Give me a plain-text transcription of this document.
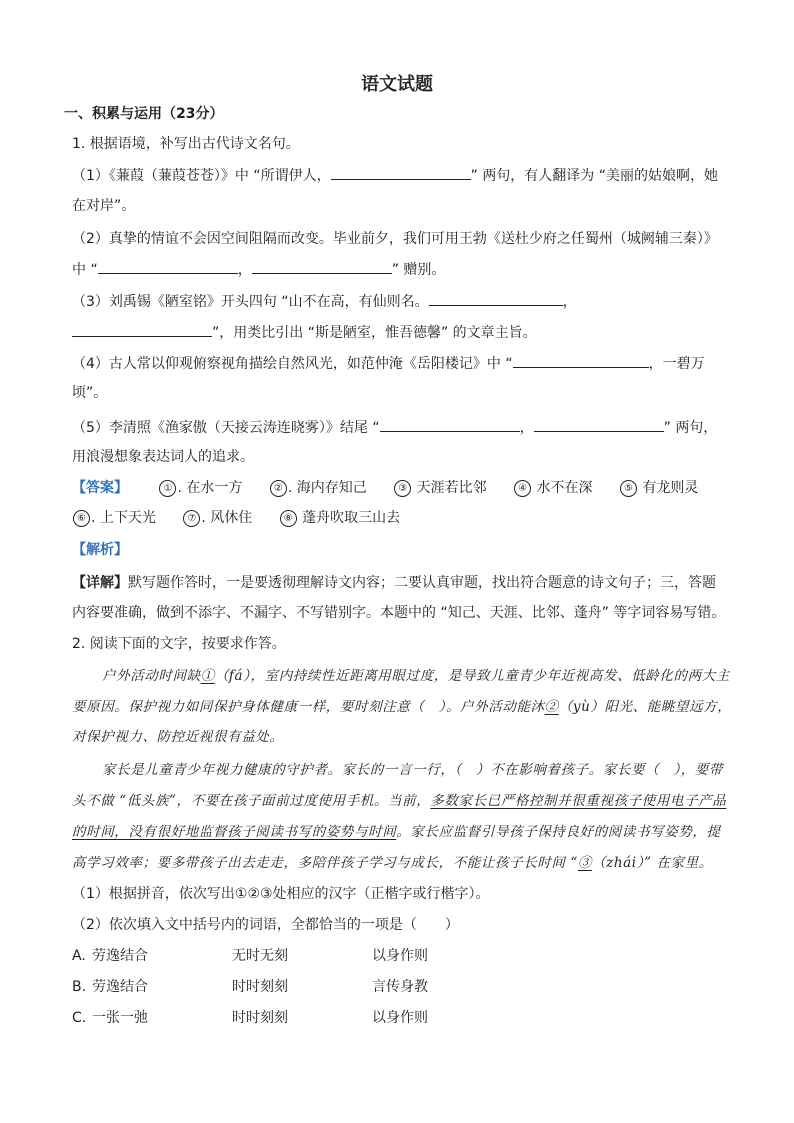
语文试题
一、积累与运用（23分）
1. 根据语境，补写出古代诗文名句。
（1）《蒹葭（蒹葭苍苍）》中 “所谓伊人，	” 两句，有人翻译为 “美丽的姑娘啊，她
在对岸”。
（2）真挚的情谊不会因空间阻隔而改变。毕业前夕，我们可用王勃《送杜少府之任蜀州（城阙辅三秦）》
中 “	，	” 赠别。
（3）刘禹锡《陋室铭》开头四句 “山不在高，有仙则名。	，
”，用类比引出 “斯是陋室，惟吾德馨” 的文章主旨。
（4）古人常以仰观俯察视角描绘自然风光，如范仲淹《岳阳楼记》中 “	，一碧万
顷”。
（5）李清照《渔家傲（天接云涛连晓雾）》结尾 “	，	” 两句，
用浪漫想象表达词人的追求。
【答案】	① . 在水一方	② . 海内存知己	③ 天涯若比邻	④ 水不在深	⑤ 有龙则灵
⑥ . 上下天光	⑦ . 风休住	⑧ 蓬舟吹取三山去
【解析】
【详解】默写题作答时，一是要透彻理解诗文内容；二要认真审题，找出符合题意的诗文句子；三，答题
内容要准确，做到不添字、不漏字、不写错别字。本题中的 “知己、天涯、比邻、蓬舟” 等字词容易写错。
2. 阅读下面的文字，按要求作答。
户外活动时间缺①（fá），室内持续性近距离用眼过度，是导致儿童青少年近视高发、低龄化的两大主
要原因。保护视力如同保护身体健康一样，要时刻注意（　）。户外活动能沐②（yù）阳光、能眺望远方，
对保护视力、防控近视很有益处。
家长是儿童青少年视力健康的守护者。家长的一言一行，（　）不在影响着孩子。家长要（　），要带
头不做 “低头族”，不要在孩子面前过度使用手机。当前，多数家长已严格控制并很重视孩子使用电子产品
的时间，没有很好地监督孩子阅读书写的姿势与时间。家长应监督引导孩子保持良好的阅读书写姿势，提
高学习效率；要多带孩子出去走走，多陪伴孩子学习与成长，不能让孩子长时间 “③（zhái）” 在家里。
（1）根据拼音，依次写出①②③处相应的汉字（正楷字或行楷字）。
（2）依次填入文中括号内的词语，全都恰当的一项是（　　）
A. 劳逸结合	无时无刻	以身作则
B. 劳逸结合	时时刻刻	言传身教
C. 一张一弛	时时刻刻	以身作则
